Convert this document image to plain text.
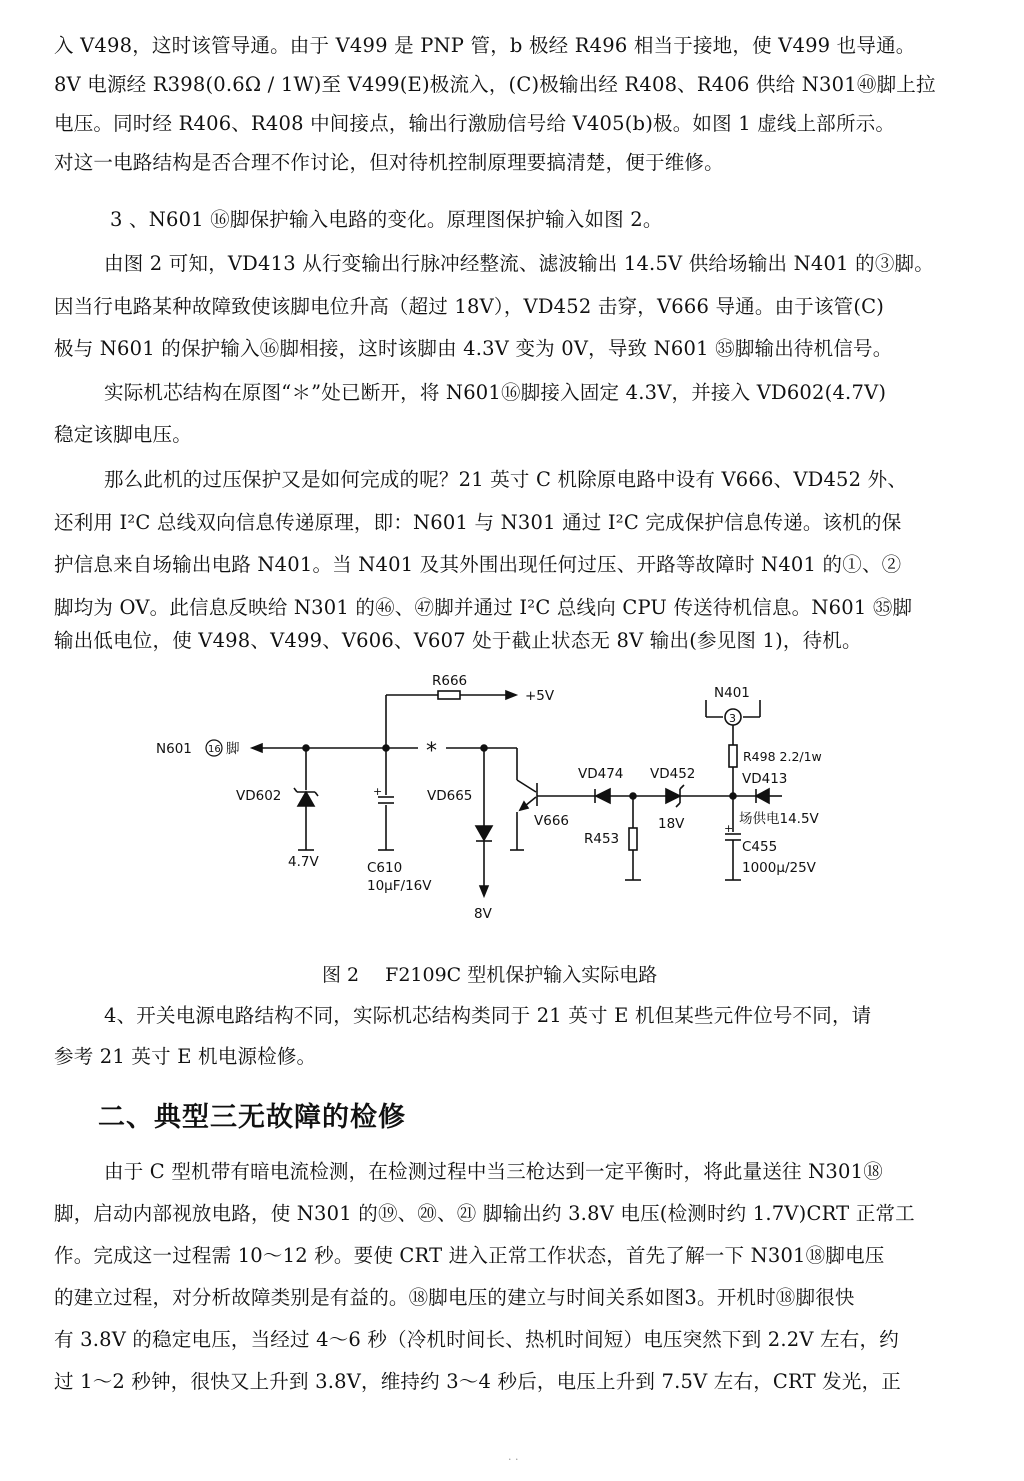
入 V498，这时该管导通。由于 V499 是 PNP 管，b 极经 R496 相当于接地，使 V499 也导通。
8V 电源经 R398(0.6Ω / 1W)至 V499(E)极流入，(C)极输出经 R408、R406 供给 N301㊵脚上拉
电压。同时经 R406、R408 中间接点，输出行激励信号给 V405(b)极。如图 1 虚线上部所示。
对这一电路结构是否合理不作讨论，但对待机控制原理要搞清楚，便于维修。
3 、N601 ⑯脚保护输入电路的变化。原理图保护输入如图 2。
由图 2 可知，VD413 从行变输出行脉冲经整流、滤波输出 14.5V 供给场输出 N401 的③脚。
因当行电路某种故障致使该脚电位升高（超过 18V），VD452 击穿，V666 导通。由于该管(C)
极与 N601 的保护输入⑯脚相接，这时该脚由 4.3V 变为 0V，导致 N601 ㉟脚输出待机信号。
实际机芯结构在原图“＊”处已断开，将 N601⑯脚接入固定 4.3V，并接入 VD602(4.7V)
稳定该脚电压。
那么此机的过压保护又是如何完成的呢？21 英寸 C 机除原电路中设有 V666、VD452 外、
还利用 I²C 总线双向信息传递原理，即：N601 与 N301 通过 I²C 完成保护信息传递。该机的保
护信息来自场输出电路 N401。当 N401 及其外围出现任何过压、开路等故障时 N401 的①、②
脚均为 OV。此信息反映给 N301 的㊻、㊼脚并通过 I²C 总线向 CPU 传送待机信息。N601 ㉟脚
输出低电位，使 V498、V499、V606、V607 处于截止状态无 8V 输出(参见图 1)，待机。
N601 16 脚
R666
+5V
*
VD602
4.7V	C610
10μF/16V
VD665
8V
V666
VD474 VD452
18V
R453
N401
3
R498 2.2/1w
VD413
场供电14.5V
C455
1000μ/25V
+
+
图 2 F2109C 型机保护输入实际电路
4、开关电源电路结构不同，实际机芯结构类同于 21 英寸 E 机但某些元件位号不同，请
参考 21 英寸 E 机电源检修。
二、典型三无故障的检修
由于 C 型机带有暗电流检测，在检测过程中当三枪达到一定平衡时，将此量送往 N301⑱
脚，启动内部视放电路，使 N301 的⑲、⑳、㉑ 脚输出约 3.8V 电压(检测时约 1.7V)CRT 正常工
作。完成这一过程需 10～12 秒。要使 CRT 进入正常工作状态，首先了解一下 N301⑱脚电压
的建立过程，对分析故障类别是有益的。⑱脚电压的建立与时间关系如图3。开机时⑱脚很快
有 3.8V 的稳定电压，当经过 4～6 秒（冷机时间长、热机时间短）电压突然下到 2.2V 左右，约
过 1～2 秒钟，很快又上升到 3.8V，维持约 3～4 秒后，电压上升到 7.5V 左右，CRT 发光，正
· ·
